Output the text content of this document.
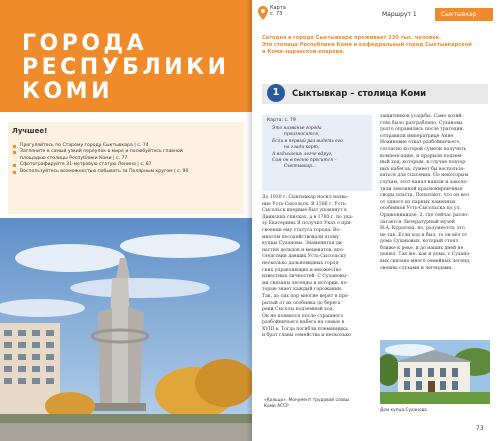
ГОРОДА
РЕСПУБЛИКИ
КОМИ
Лучшее!
Прогуляйтесь по Старому городу Сыктывкара | с. 74
Загляните в самый узкий переулок в мире и полюбуйтесь главной
площадью столицы Республики Коми | с. 77
Сфотографируйте 31-метровую статую Ленина | с. 87
Воспользуйтесь возможностью побывать за Полярным кругом | с. 90
Карта
с. 73	Маршрут 1	Сыктывкар
Сегодня в городе Сыктывкаре проживает 230 тыс. человек.
Это столица Республики Коми и кафедральный город Сыктывкарской
и Коми-зырянской епархии.
1	Сыктывкар – столица Коми
Карта: с. 79
Это названье города
произносится,
Если в первый раз видеть его
на глади карт,
А вздыхаешь легче вдруг,
Сам он в песню просится –
Сыктывкар...
До 1930 г. Сыктывкар носил назва-
ние Усть-Сысольск. В 1586 г. Усть-
Сысольск впервые был упомянут в
Двинских списках, а в 1780 г. по ука-
зу Екатерины II получил Указ о при-
своении ему статуса города. Во-
многом посодействовали этому
купцы Сухановы. Знаменитая ди-
настия дельцов и меценатов, впо-
следствии давших Усть-Сысольску
несколько дальновидных город-
ских управляющих и множество
известных личностей. С Сухановы-
ми связаны легенды и истории, ко-
торые знает каждый горожанин.
Так, до сих пор многие верят в про-
рытый от их особняка до берега
реки Сысолы подземный ход.
Он не появился после страшного
разбойничьего набега на семью в
XVIII в. Тогда погибли племянника
и брат главы семейства и несколько
защитников усадьбы. Само хозяй-
ство было разграблено. Сухановы
долго оправились после трагедии,
отправили императрице Анне
Иоанновне отказ разбойничьего,
согласно которой сумели получить
компенсацию, и прорыли подзем-
ный ход, которым, в случае повтор-
ных набегов, сумеет бы воспользо-
ваться для спасения. По некоторым
слухам, этот канал нашли и заколо-
тили земляной краснокирпичные
своды пласта. Попытают, что он вел
от одного из парных каменных
особняков Усть-Сысольска по ул.
Орджоникидзе, 2, где сейчас распо-
лагается Литературный музей
И.А. Куратова, но, разумеется, это
не так. Если ход и был, то он вёл от
дома Сухановых, который стоял
ближе к реке, и до наших дней не
дошел. Так же, как и дома, с Сухано-
вых связано много семейных легенд,
овеяны слухами и легендами.
«Кольцо». Монумент трудовой славы
Коми АССР
Дом купца Суханова
73
